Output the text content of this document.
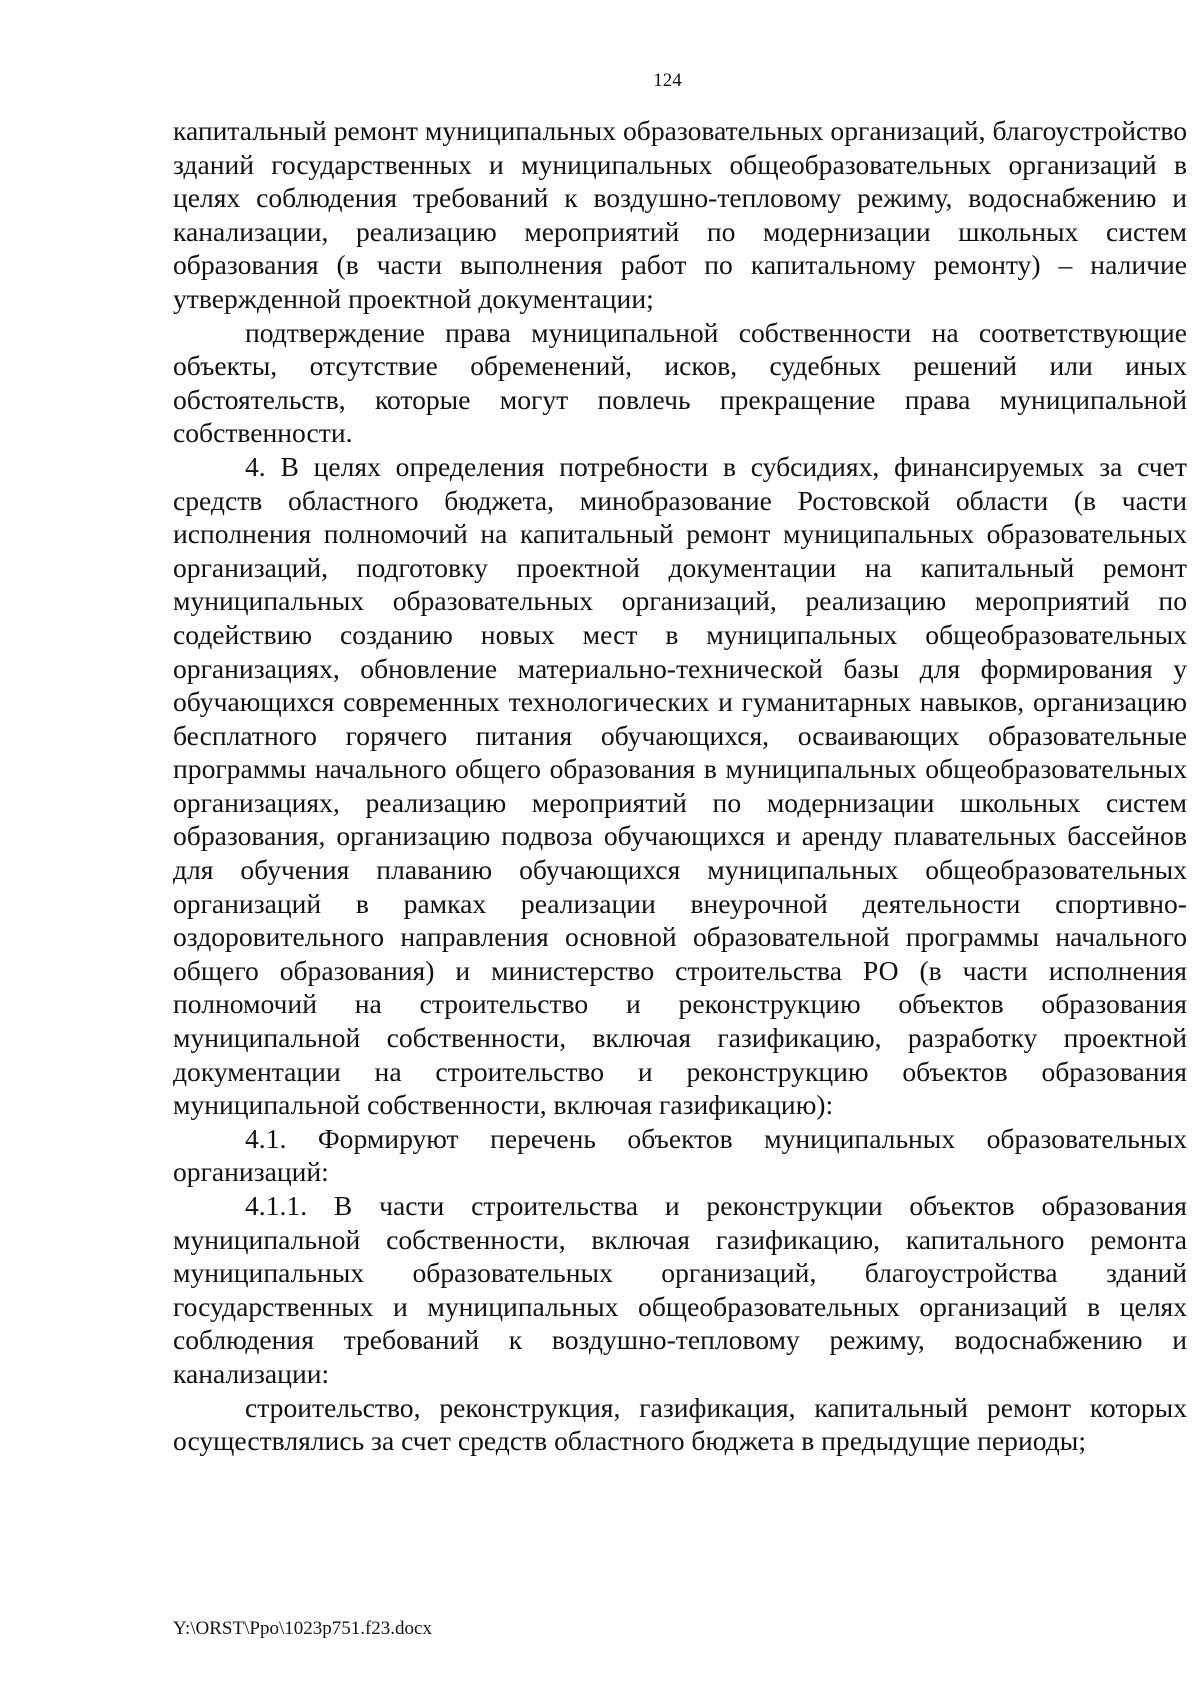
124

капитальный ремонт муниципальных образовательных организаций, благоустройство зданий государственных и муниципальных общеобразовательных организаций в целях соблюдения требований к воздушно-тепловому режиму, водоснабжению и канализации, реализацию мероприятий по модернизации школьных систем образования (в части выполнения работ по капитальному ремонту) – наличие утвержденной проектной документации;

подтверждение права муниципальной собственности на соответствующие объекты, отсутствие обременений, исков, судебных решений или иных обстоятельств, которые могут повлечь прекращение права муниципальной собственности.

4. В целях определения потребности в субсидиях, финансируемых за счет средств областного бюджета, минобразование Ростовской области (в части исполнения полномочий на капитальный ремонт муниципальных образовательных организаций, подготовку проектной документации на капитальный ремонт муниципальных образовательных организаций, реализацию мероприятий по содействию созданию новых мест в муниципальных общеобразовательных организациях, обновление материально-технической базы для формирования у обучающихся современных технологических и гуманитарных навыков, организацию бесплатного горячего питания обучающихся, осваивающих образовательные программы начального общего образования в муниципальных общеобразовательных организациях, реализацию мероприятий по модернизации школьных систем образования, организацию подвоза обучающихся и аренду плавательных бассейнов для обучения плаванию обучающихся муниципальных общеобразовательных организаций в рамках реализации внеурочной деятельности спортивно-оздоровительного направления основной образовательной программы начального общего образования) и министерство строительства РО (в части исполнения полномочий на строительство и реконструкцию объектов образования муниципальной собственности, включая газификацию, разработку проектной документации на строительство и реконструкцию объектов образования муниципальной собственности, включая газификацию):

4.1. Формируют перечень объектов муниципальных образовательных организаций:

4.1.1. В части строительства и реконструкции объектов образования муниципальной собственности, включая газификацию, капитального ремонта муниципальных образовательных организаций, благоустройства зданий государственных и муниципальных общеобразовательных организаций в целях соблюдения требований к воздушно-тепловому режиму, водоснабжению и канализации:

строительство, реконструкция, газификация, капитальный ремонт которых осуществлялись за счет средств областного бюджета в предыдущие периоды;

Y:\ORST\Ppo\1023p751.f23.docx
